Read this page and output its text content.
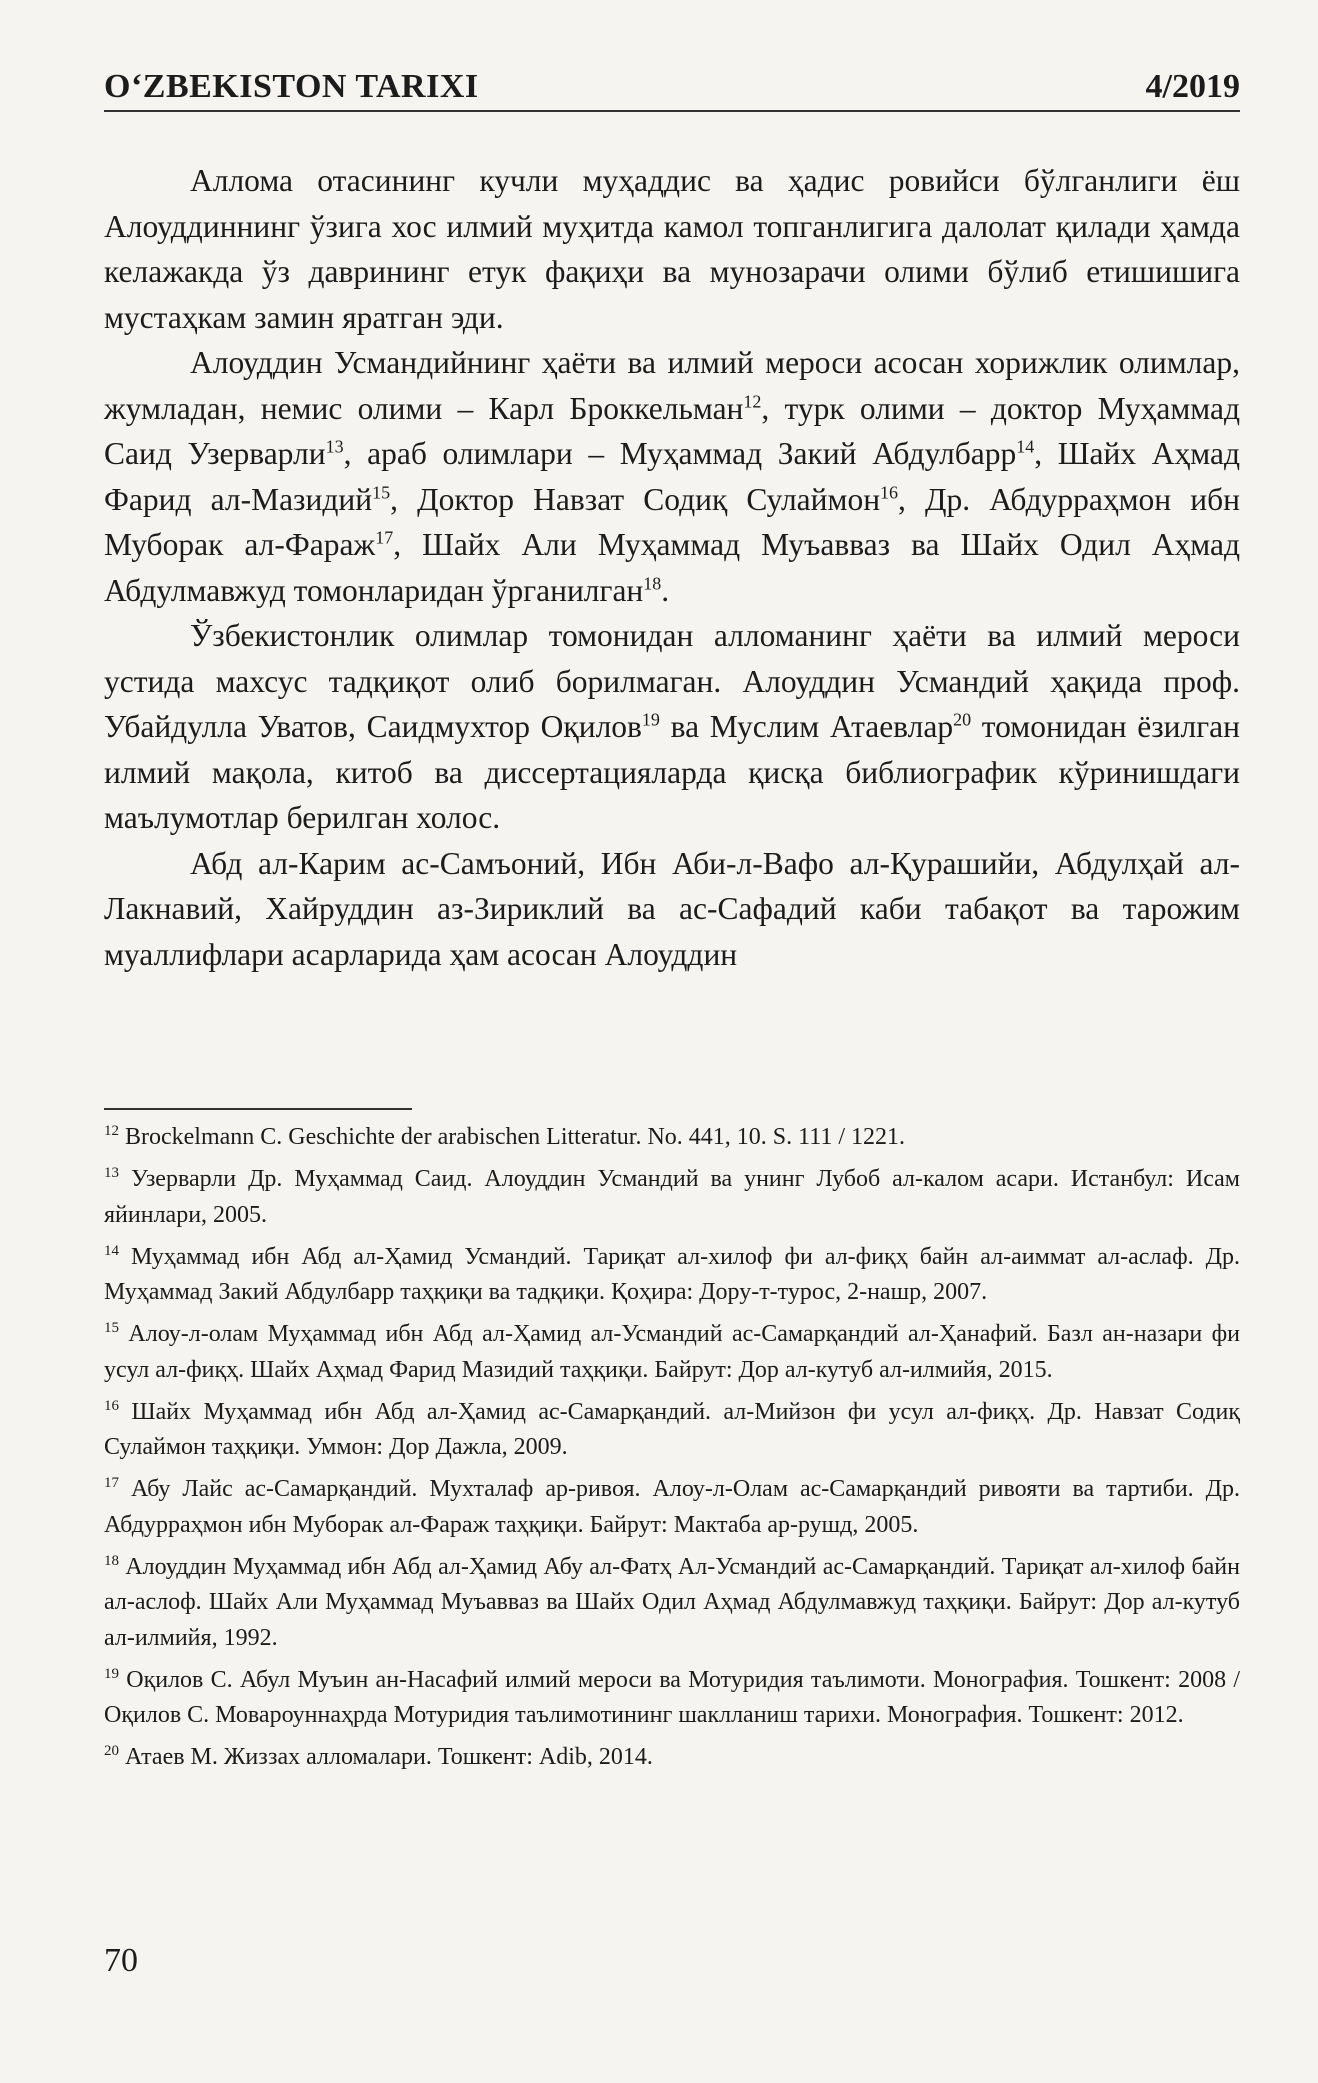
O‘ZBEKISTON TARIXI	4/2019

Аллома отасининг кучли муҳаддис ва ҳадис ровийси бўлганлиги ёш Алоуддиннинг ўзига хос илмий муҳитда камол топганлигига далолат қилади ҳамда келажакда ўз даврининг етук фақиҳи ва мунозарачи олими бўлиб етишишига мустаҳкам замин яратган эди.

Алоуддин Усмандийнинг ҳаёти ва илмий мероси асосан хорижлик олимлар, жумладан, немис олими – Карл Броккельман$^{12}$, турк олими – доктор Муҳаммад Саид Узерварли$^{13}$, араб олимлари – Муҳаммад Закий Абдулбарр$^{14}$, Шайх Аҳмад Фарид ал-Мазидий$^{15}$, Доктор Навзат Содиқ Сулаймон$^{16}$, Др. Абдурраҳмон ибн Муборак ал-Фараж$^{17}$, Шайх Али Муҳаммад Муъавваз ва Шайх Одил Аҳмад Абдулмавжуд томонларидан ўрганилган$^{18}$.

Ўзбекистонлик олимлар томонидан алломанинг ҳаёти ва илмий мероси устида махсус тадқиқот олиб борилмаган. Алоуддин Усмандий ҳақида проф. Убайдулла Уватов, Саидмухтор Оқилов$^{19}$ ва Муслим Атаевлар$^{20}$ томонидан ёзилган илмий мақола, китоб ва диссертацияларда қисқа библиографик кўринишдаги маълумотлар берилган холос.

Абд ал-Карим ас-Самъоний, Ибн Аби-л-Вафо ал-Қурашийи, Абдулҳай ал-Лакнавий, Хайруддин аз-Зириклий ва ас-Сафадий каби табақот ва тарожим муаллифлари асарларида ҳам асосан Алоуддин

$^{12}$ Brockelmann C. Geschichte der arabischen Litteratur. No. 441, 10. S. 111 / 1221.
$^{13}$ Узерварли Др. Муҳаммад Саид. Алоуддин Усмандий ва унинг Лубоб ал-калом асари. Истанбул: Исам яйинлари, 2005.
$^{14}$ Муҳаммад ибн Абд ал-Ҳамид Усмандий. Тариқат ал-хилоф фи ал-фиқҳ байн ал-аиммат ал-аслаф. Др. Муҳаммад Закий Абдулбарр таҳқиқи ва тадқиқи. Қоҳира: Дору-т-турос, 2-нашр, 2007.
$^{15}$ Алоу-л-олам Муҳаммад ибн Абд ал-Ҳамид ал-Усмандий ас-Самарқандий ал-Ҳанафий. Базл ан-назари фи усул ал-фиқҳ. Шайх Аҳмад Фарид Мазидий таҳқиқи. Байрут: Дор ал-кутуб ал-илмийя, 2015.
$^{16}$ Шайх Муҳаммад ибн Абд ал-Ҳамид ас-Самарқандий. ал-Мийзон фи усул ал-фиқҳ. Др. Навзат Содиқ Сулаймон таҳқиқи. Уммон: Дор Дажла, 2009.
$^{17}$ Абу Лайс ас-Самарқандий. Мухталаф ар-ривоя. Алоу-л-Олам ас-Самарқандий ривояти ва тартиби. Др. Абдурраҳмон ибн Муборак ал-Фараж таҳқиқи. Байрут: Мактаба ар-рушд, 2005.
$^{18}$ Алоуддин Муҳаммад ибн Абд ал-Ҳамид Абу ал-Фатҳ Ал-Усмандий ас-Самарқандий. Тариқат ал-хилоф байн ал-аслоф. Шайх Али Муҳаммад Муъавваз ва Шайх Одил Аҳмад Абдулмавжуд таҳқиқи. Байрут: Дор ал-кутуб ал-илмийя, 1992.
$^{19}$ Оқилов С. Абул Муъин ан-Насафий илмий мероси ва Мотуридия таълимоти. Монография. Тошкент: 2008 / Оқилов С. Мовароуннаҳрда Мотуридия таълимотининг шаклланиш тарихи. Монография. Тошкент: 2012.
$^{20}$ Атаев М. Жиззах алломалари. Тошкент: Adib, 2014.
70
